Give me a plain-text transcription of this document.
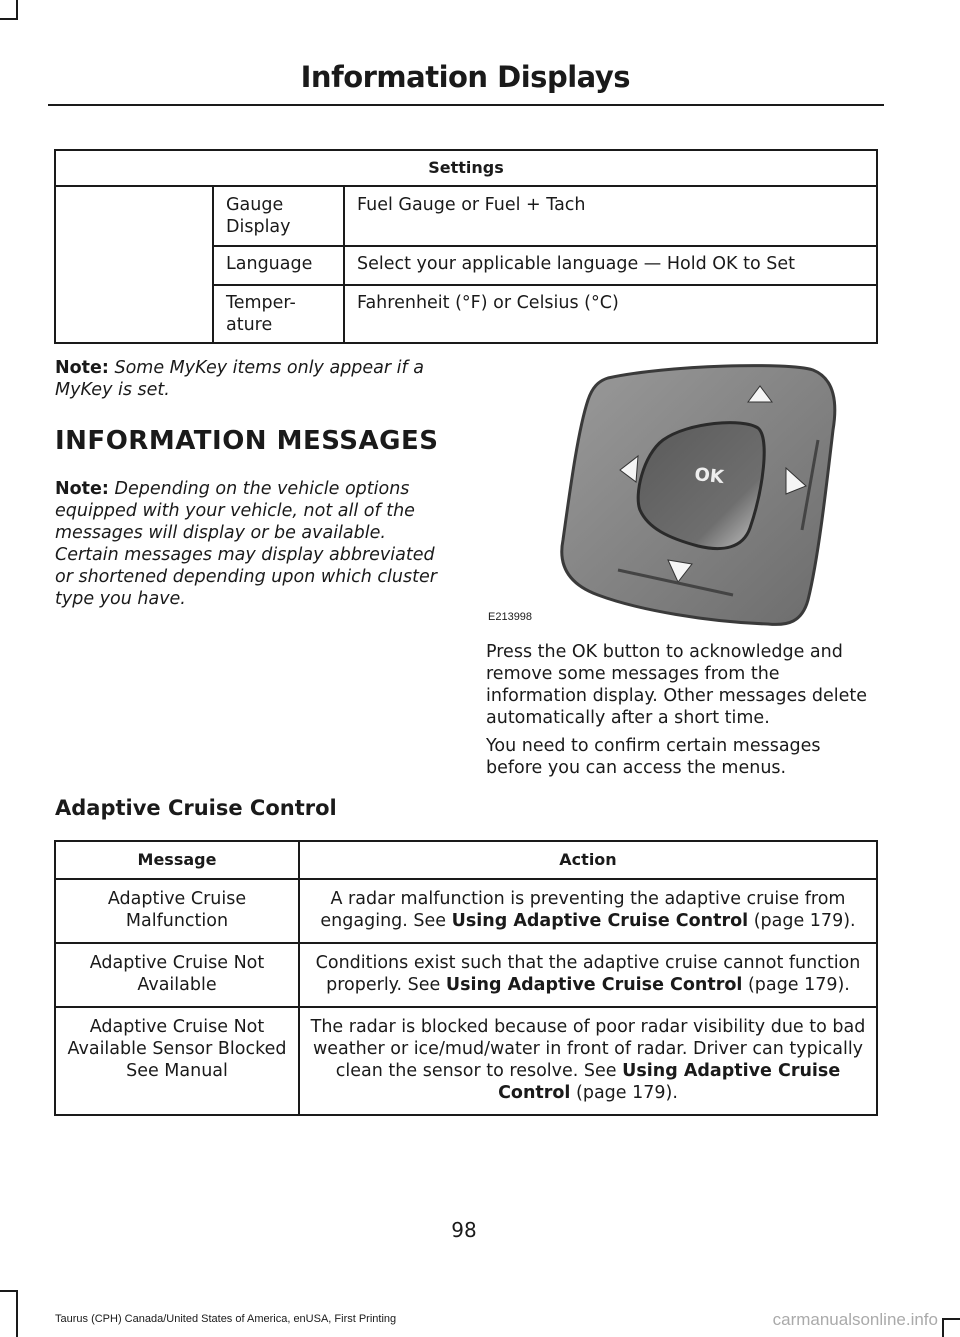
Information Displays
Settings		
	Gauge Display	Fuel Gauge or Fuel + Tach
	Language	Select your applicable language — Hold OK to Set
	Temper-ature	Fahrenheit (°F) or Celsius (°C)
Note: Some MyKey items only appear if a MyKey is set.
INFORMATION MESSAGES
Note: Depending on the vehicle options equipped with your vehicle, not all of the messages will display or be available. Certain messages may display abbreviated or shortened depending upon which cluster type you have.
OK
E213998
Press the OK button to acknowledge and remove some messages from the information display. Other messages delete automatically after a short time.
You need to confirm certain messages before you can access the menus.
Adaptive Cruise Control
Message	Action
Adaptive Cruise Malfunction	A radar malfunction is preventing the adaptive cruise from engaging. See Using Adaptive Cruise Control (page 179).
Adaptive Cruise Not Available	Conditions exist such that the adaptive cruise cannot function properly. See Using Adaptive Cruise Control (page 179).
Adaptive Cruise Not Available Sensor Blocked See Manual	The radar is blocked because of poor radar visibility due to bad weather or ice/mud/water in front of radar. Driver can typically clean the sensor to resolve. See Using Adaptive Cruise Control (page 179).
98
Taurus (CPH) Canada/United States of America, enUSA, First Printing	carmanualsonline.info
